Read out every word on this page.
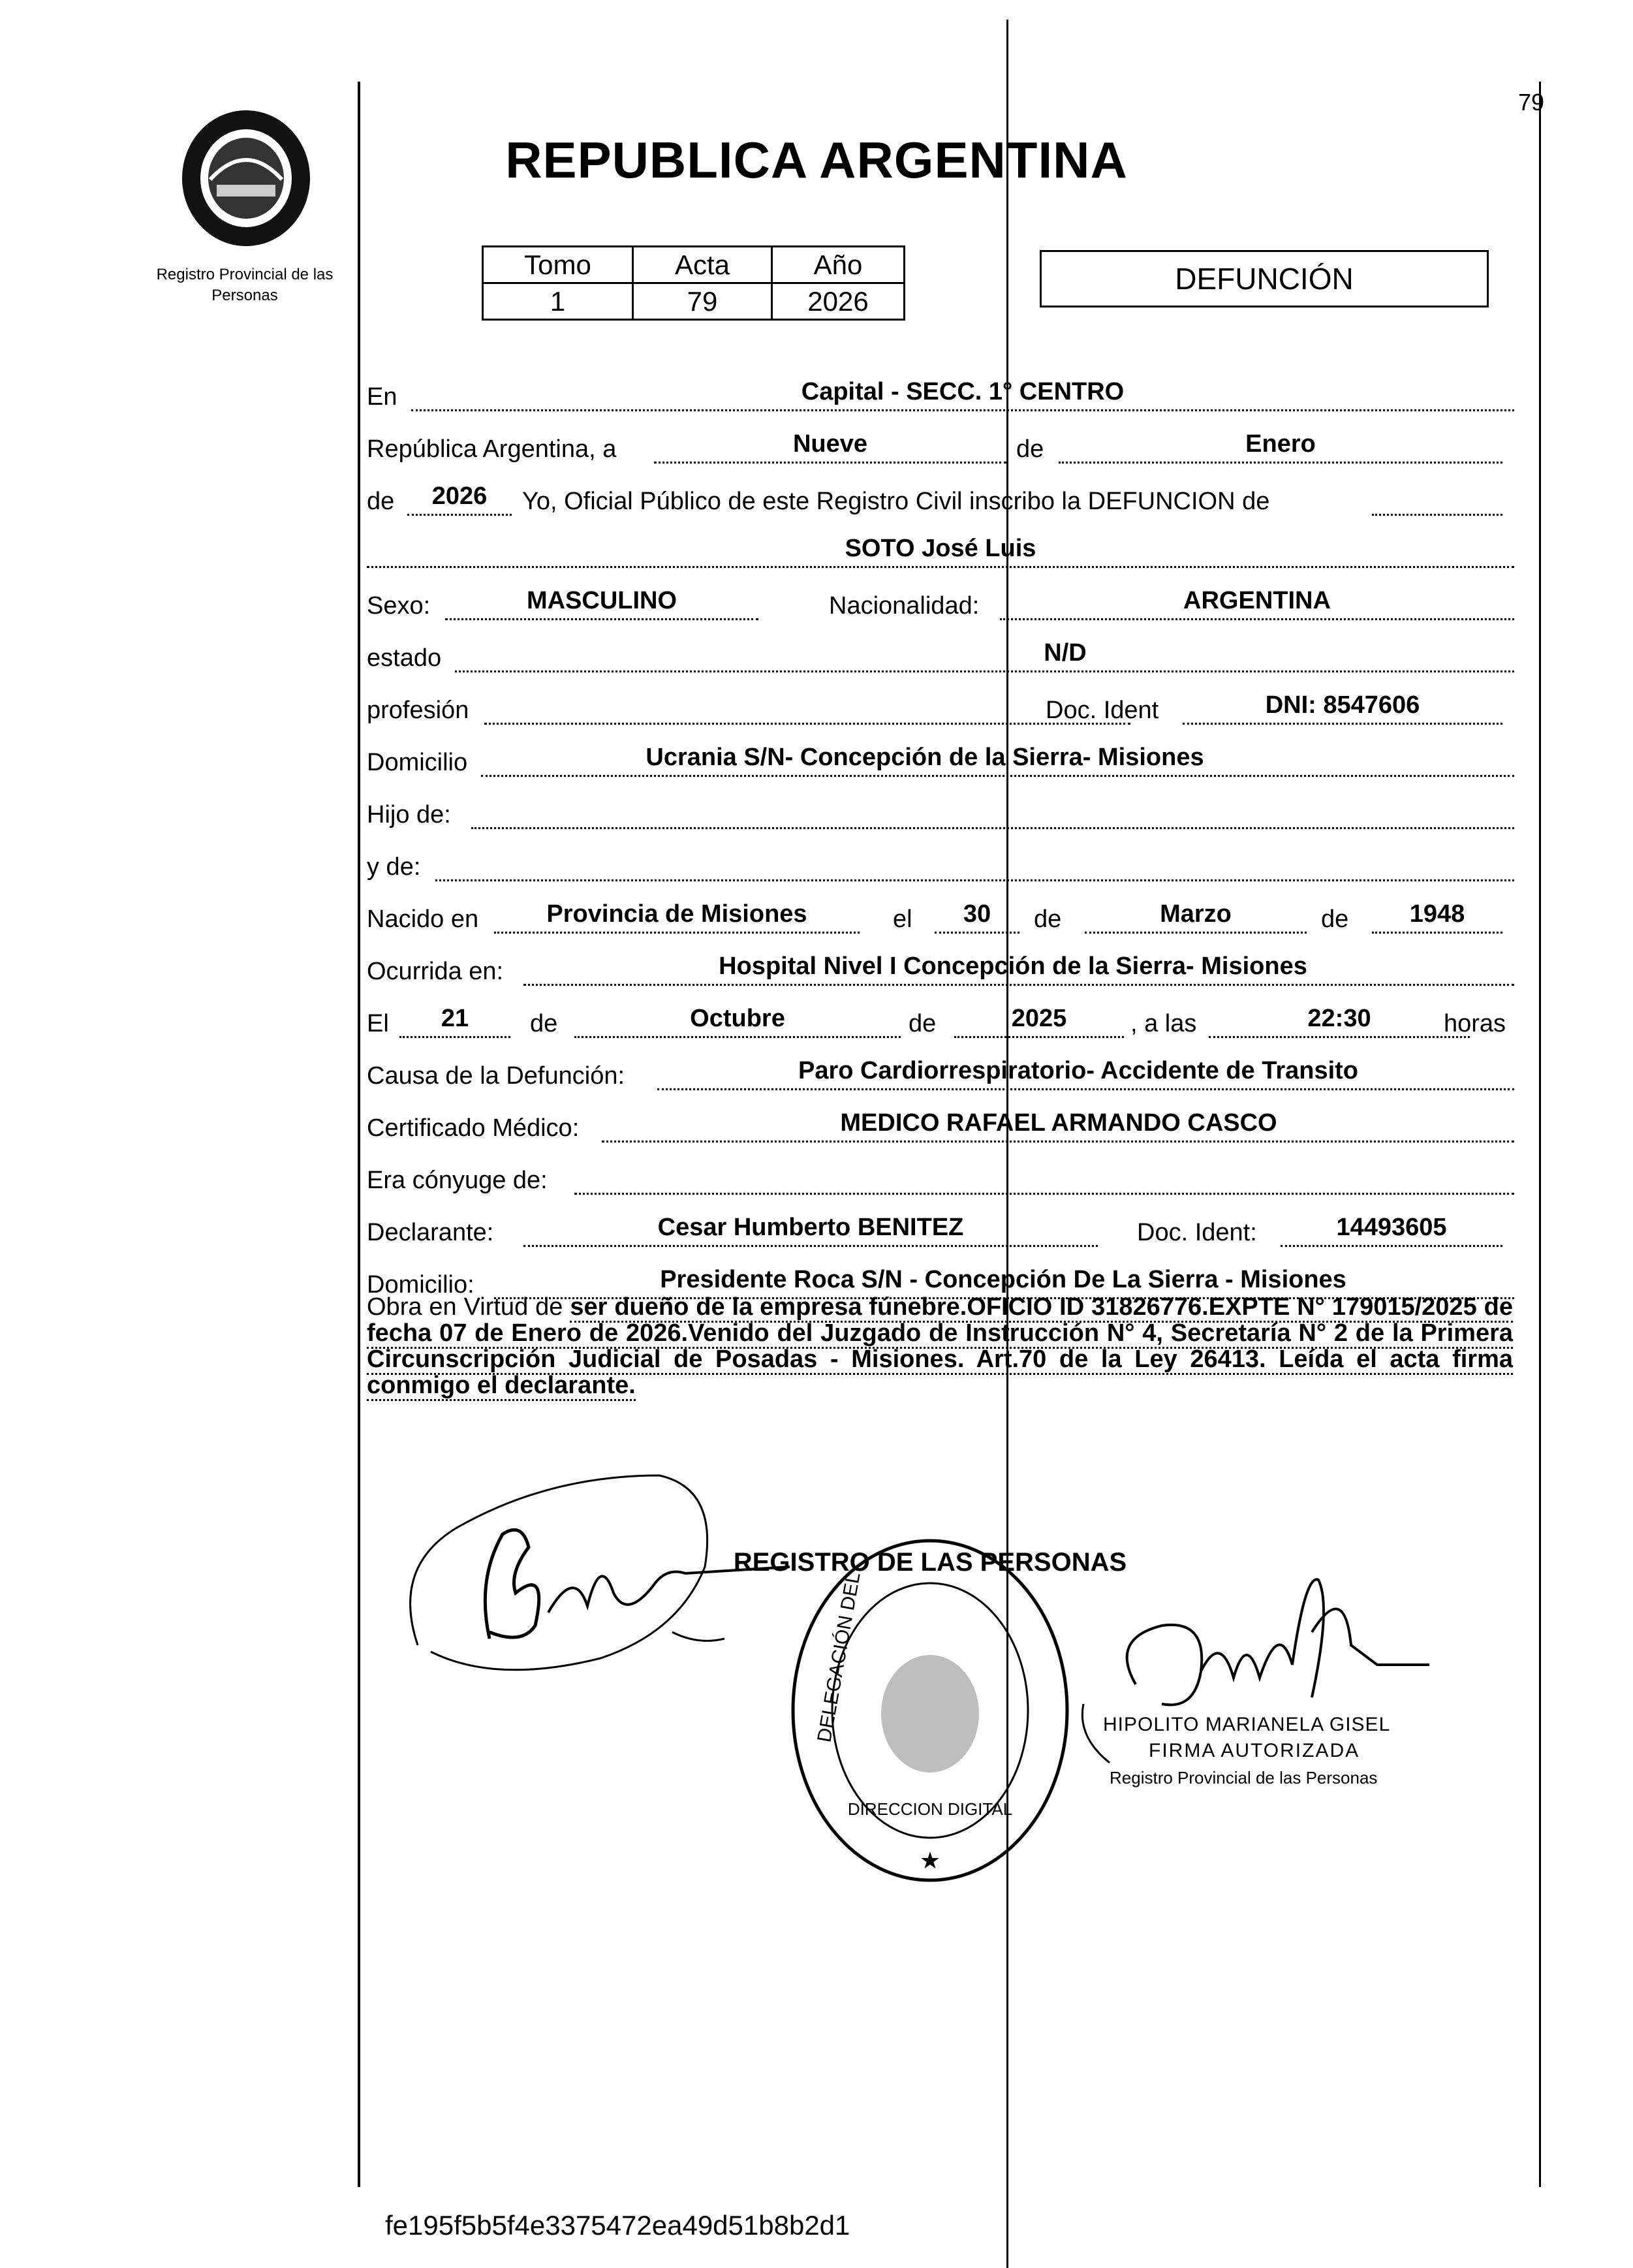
Registro Provincial de las Personas
79
REPUBLICA ARGENTINA
Tomo	Acta	Año
1	79	2026
DEFUNCIÓN
En	Capital - SECC. 1° CENTRO
República Argentina, a	Nueve	de	Enero
de	2026	Yo, Oficial Público de este Registro Civil inscribo la DEFUNCION de
SOTO José Luis
Sexo:	MASCULINO	Nacionalidad:	ARGENTINA
estado	N/D
profesión	Doc. Ident	DNI: 8547606
Domicilio	Ucrania S/N- Concepción de la Sierra- Misiones
Hijo de:
y de:
Nacido en	Provincia de Misiones	el	30	de	Marzo	de	1948
Ocurrida en:	Hospital Nivel I Concepción de la Sierra- Misiones
El	21	de	Octubre	de	2025	, a las	22:30	horas
Causa de la Defunción:	Paro Cardiorrespiratorio- Accidente de Transito
Certificado Médico:	MEDICO RAFAEL ARMANDO CASCO
Era cónyuge de:
Declarante:	Cesar Humberto BENITEZ	Doc. Ident:	14493605
Domicilio:	Presidente Roca S/N - Concepción De La Sierra - Misiones
Obra en Virtud de ser dueño de la empresa fúnebre.OFICIO ID 31826776.EXPTE N° 179015/2025 de fecha 07 de Enero de 2026.Venido del Juzgado de Instrucción N° 4, Secretaría N° 2 de la Primera Circunscripción Judicial de Posadas - Misiones. Art.70 de la Ley 26413. Leída el acta firma conmigo el declarante.
REGISTRO DE LAS PERSONAS
DELEGACIÓN DEL
DIRECCION DIGITAL
★
HIPOLITO MARIANELA GISEL
FIRMA AUTORIZADA
Registro Provincial de las Personas
fe195f5b5f4e3375472ea49d51b8b2d1
